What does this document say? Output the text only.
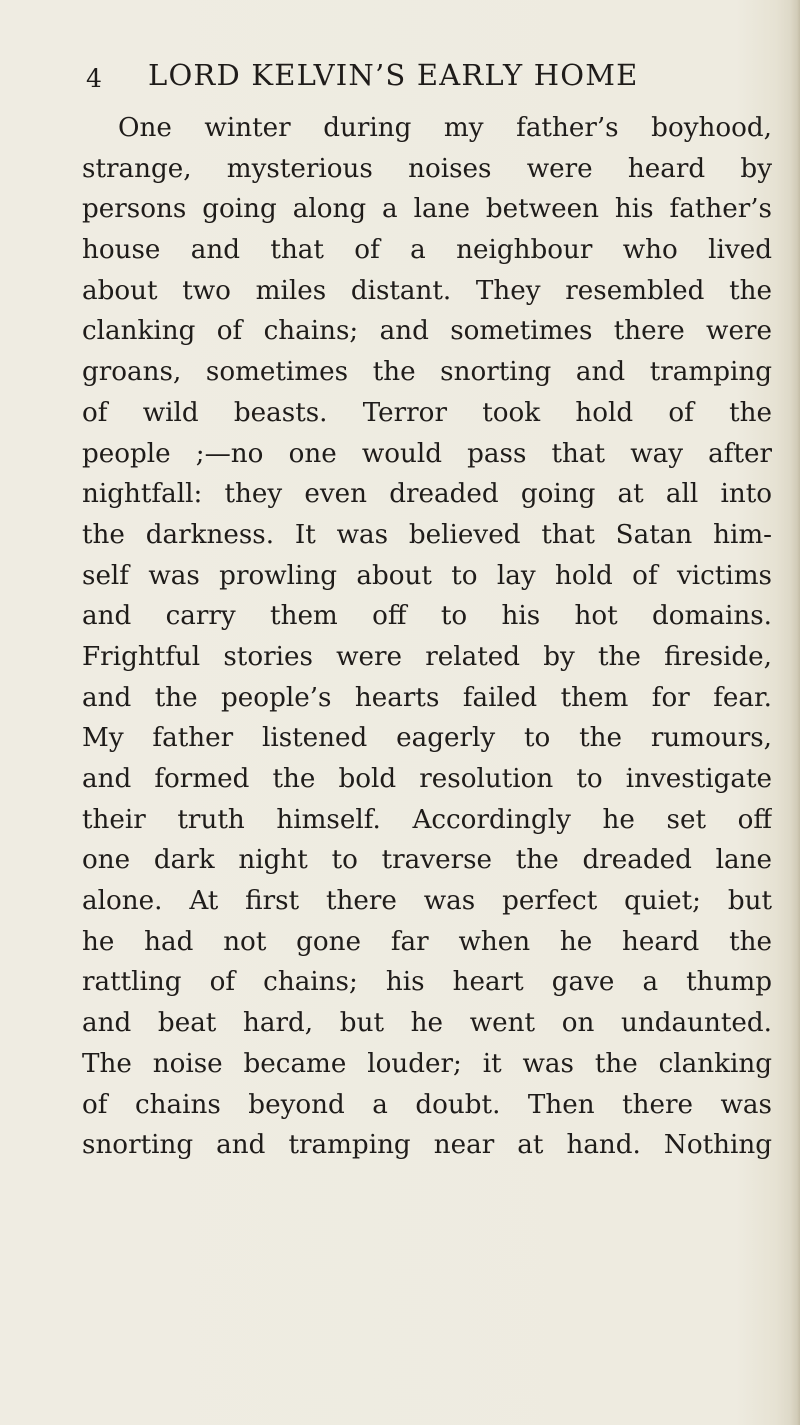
4 LORD KELVIN’S EARLY HOME
One winter during my father’s boyhood,
strange, mysterious noises were heard by
persons going along a lane between his father’s
house and that of a neighbour who lived
about two miles distant. They resembled the
clanking of chains; and sometimes there were
groans, sometimes the snorting and tramping
of wild beasts. Terror took hold of the
people ;—no one would pass that way after
nightfall: they even dreaded going at all into
the darkness. It was believed that Satan him-
self was prowling about to lay hold of victims
and carry them off to his hot domains.
Frightful stories were related by the fireside,
and the people’s hearts failed them for fear.
My father listened eagerly to the rumours,
and formed the bold resolution to investigate
their truth himself. Accordingly he set off
one dark night to traverse the dreaded lane
alone. At first there was perfect quiet; but
he had not gone far when he heard the
rattling of chains; his heart gave a thump
and beat hard, but he went on undaunted.
The noise became louder; it was the clanking
of chains beyond a doubt. Then there was
snorting and tramping near at hand. Nothing
